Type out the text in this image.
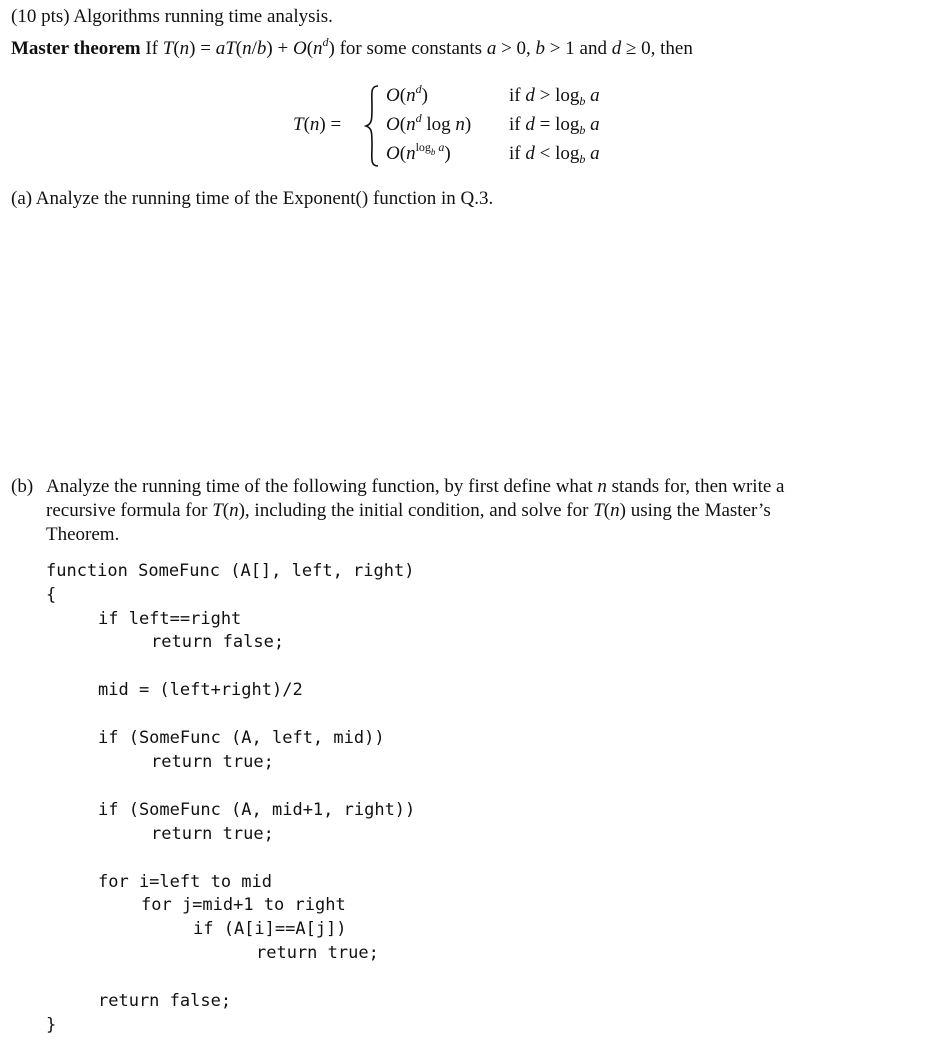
(10 pts) Algorithms running time analysis.
Master theorem If $T(n) = aT(n/b) + O(n^d)$ for some constants a > 0, b > 1 and d ≥ 0, then
T(n) =
$O(n^d)$
$O(n^d$ log n)
$O(n^{log_b a})$
if $d > \log_b a$
if $d = \log_b a$
if $d < \log_b a$
(a) Analyze the running time of the Exponent() function in Q.3.
(b) Analyze the running time of the following function, by first define what n stands for, then write a
recursive formula for T(n), including the initial condition, and solve for T(n) using the Master’s
Theorem.
function SomeFunc (A[], left, right)
{
if left==right
return false;
mid = (left+right)/2
if (SomeFunc (A, left, mid))
return true;
if (SomeFunc (A, mid+1, right))
return true;
for i=left to mid
for j=mid+1 to right
if (A[i]==A[j])
return true;
return false;
}
